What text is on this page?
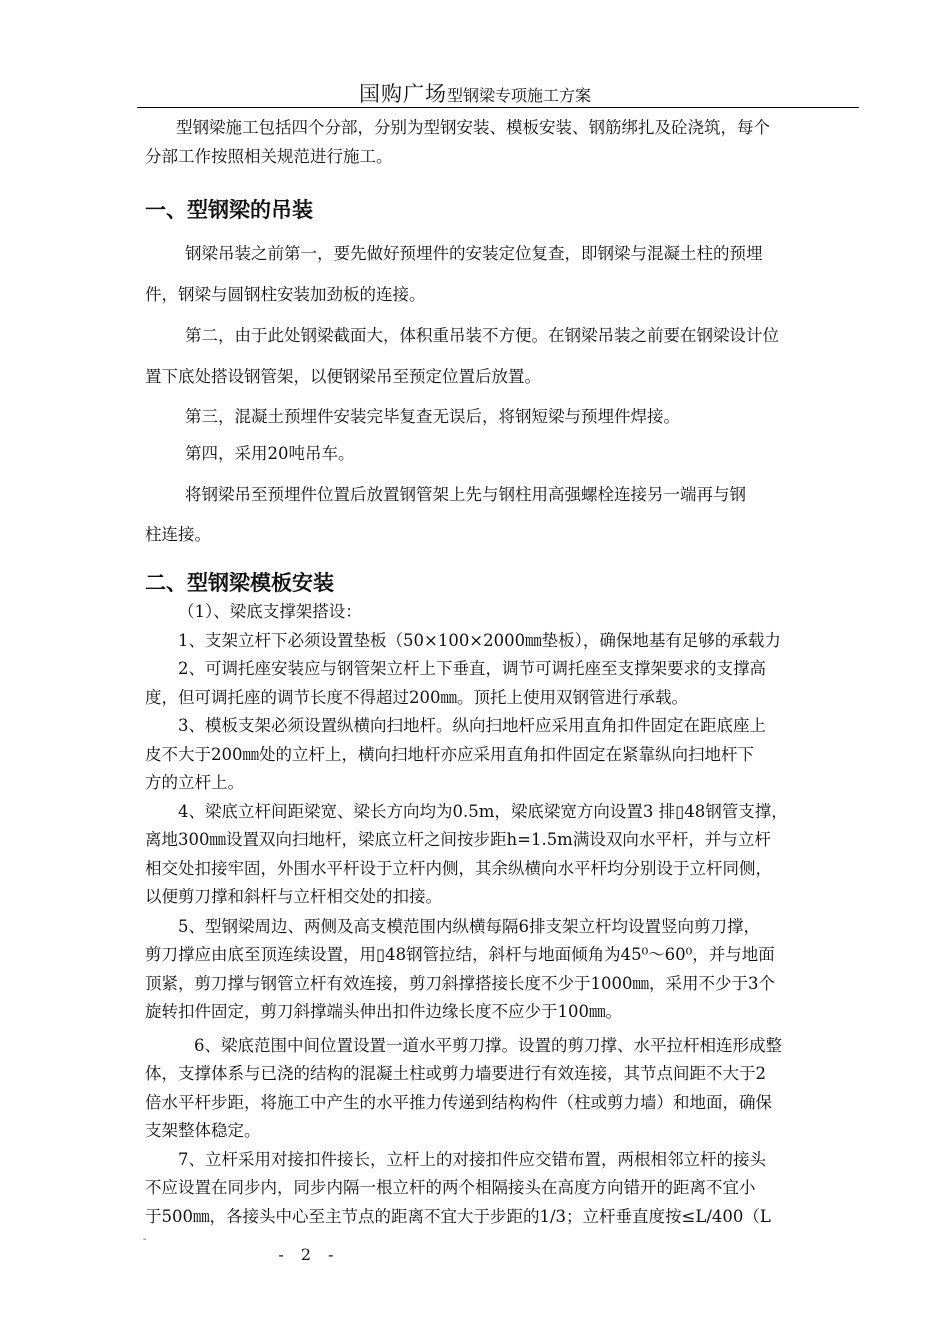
国购广场型钢梁专项施工方案
型钢梁施工包括四个分部，分别为型钢安装、模板安装、钢筋绑扎及砼浇筑，每个
分部工作按照相关规范进行施工。
一、型钢梁的吊装
钢梁吊装之前第一，要先做好预埋件的安装定位复查，即钢梁与混凝土柱的预埋
件，钢梁与圆钢柱安装加劲板的连接。
第二，由于此处钢梁截面大，体积重吊装不方便。在钢梁吊装之前要在钢梁设计位
置下底处搭设钢管架，以便钢梁吊至预定位置后放置。
第三，混凝土预埋件安装完毕复查无误后，将钢短梁与预埋件焊接。
第四，采用20吨吊车。
将钢梁吊至预埋件位置后放置钢管架上先与钢柱用高强螺栓连接另一端再与钢
柱连接。
二、型钢梁模板安装
（1）、梁底支撑架搭设：
1、支架立杆下必须设置垫板（50×100×2000㎜垫板），确保地基有足够的承载力
2、可调托座安装应与钢管架立杆上下垂直，调节可调托座至支撑架要求的支撑高
度，但可调托座的调节长度不得超过200㎜。顶托上使用双钢管进行承载。
3、模板支架必须设置纵横向扫地杆。纵向扫地杆应采用直角扣件固定在距底座上
皮不大于200㎜处的立杆上，横向扫地杆亦应采用直角扣件固定在紧靠纵向扫地杆下
方的立杆上。
4、梁底立杆间距梁宽、梁长方向均为0.5m，梁底梁宽方向设置3 排▯48钢管支撑，
离地300㎜设置双向扫地杆，梁底立杆之间按步距h=1.5m满设双向水平杆，并与立杆
相交处扣接牢固，外围水平杆设于立杆内侧，其余纵横向水平杆均分别设于立杆同侧，
以便剪刀撑和斜杆与立杆相交处的扣接。
5、型钢梁周边、两侧及高支模范围内纵横每隔6排支架立杆均设置竖向剪刀撑，
剪刀撑应由底至顶连续设置，用▯48钢管拉结，斜杆与地面倾角为45⁰～60⁰，并与地面
顶紧，剪刀撑与钢管立杆有效连接，剪刀斜撑搭接长度不少于1000㎜，采用不少于3个
旋转扣件固定，剪刀斜撑端头伸出扣件边缘长度不应少于100㎜。
6、梁底范围中间位置设置一道水平剪刀撑。设置的剪刀撑、水平拉杆相连形成整
体，支撑体系与已浇的结构的混凝土柱或剪力墙要进行有效连接，其节点间距不大于2
倍水平杆步距，将施工中产生的水平推力传递到结构构件（柱或剪力墙）和地面，确保
支架整体稳定。
7、立杆采用对接扣件接长，立杆上的对接扣件应交错布置，两根相邻立杆的接头
不应设置在同步内，同步内隔一根立杆的两个相隔接头在高度方向错开的距离不宜小
于500㎜，各接头中心至主节点的距离不宜大于步距的1/3；立杆垂直度按≤L/400（L
-
- 2 -
